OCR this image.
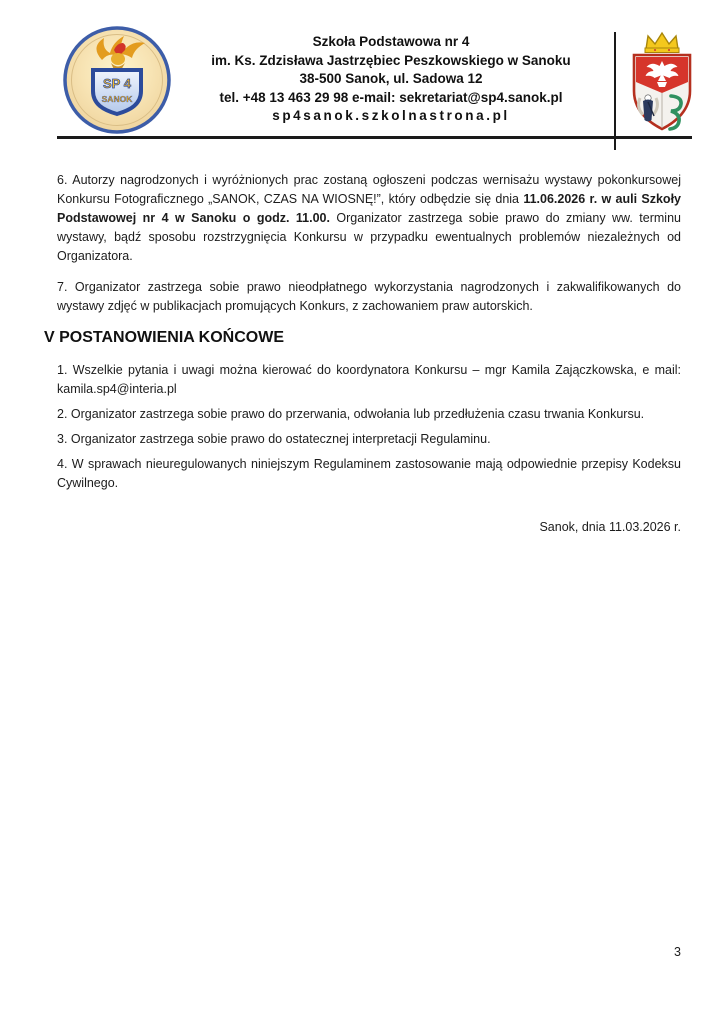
SP 4
SANOK
Szkoła Podstawowa nr 4
im. Ks. Zdzisława Jastrzębiec Peszkowskiego w Sanoku
38-500 Sanok, ul. Sadowa 12
tel. +48 13 463 29 98 e-mail: sekretariat@sp4.sanok.pl
sp4sanok.szkolnastrona.pl

6. Autorzy nagrodzonych i wyróżnionych prac zostaną ogłoszeni podczas wernisażu wystawy pokonkursowej Konkursu Fotograficznego „SANOK, CZAS NA WIOSNĘ!”, który odbędzie się dnia 11.06.2026 r. w auli Szkoły Podstawowej nr 4 w Sanoku o godz. 11.00. Organizator zastrzega sobie prawo do zmiany ww. terminu wystawy, bądź sposobu rozstrzygnięcia Konkursu w przypadku ewentualnych problemów niezależnych od Organizatora.

7. Organizator zastrzega sobie prawo nieodpłatnego wykorzystania nagrodzonych i zakwalifikowanych do wystawy zdjęć w publikacjach promujących Konkurs, z zachowaniem praw autorskich.

V POSTANOWIENIA KOŃCOWE

1. Wszelkie pytania i uwagi można kierować do koordynatora Konkursu – mgr Kamila Zajączkowska, e mail: kamila.sp4@interia.pl

2. Organizator zastrzega sobie prawo do przerwania, odwołania lub przedłużenia czasu trwania Konkursu.

3. Organizator zastrzega sobie prawo do ostatecznej interpretacji Regulaminu.

4. W sprawach nieuregulowanych niniejszym Regulaminem zastosowanie mają odpowiednie przepisy Kodeksu Cywilnego.

Sanok, dnia 11.03.2026 r.

3
